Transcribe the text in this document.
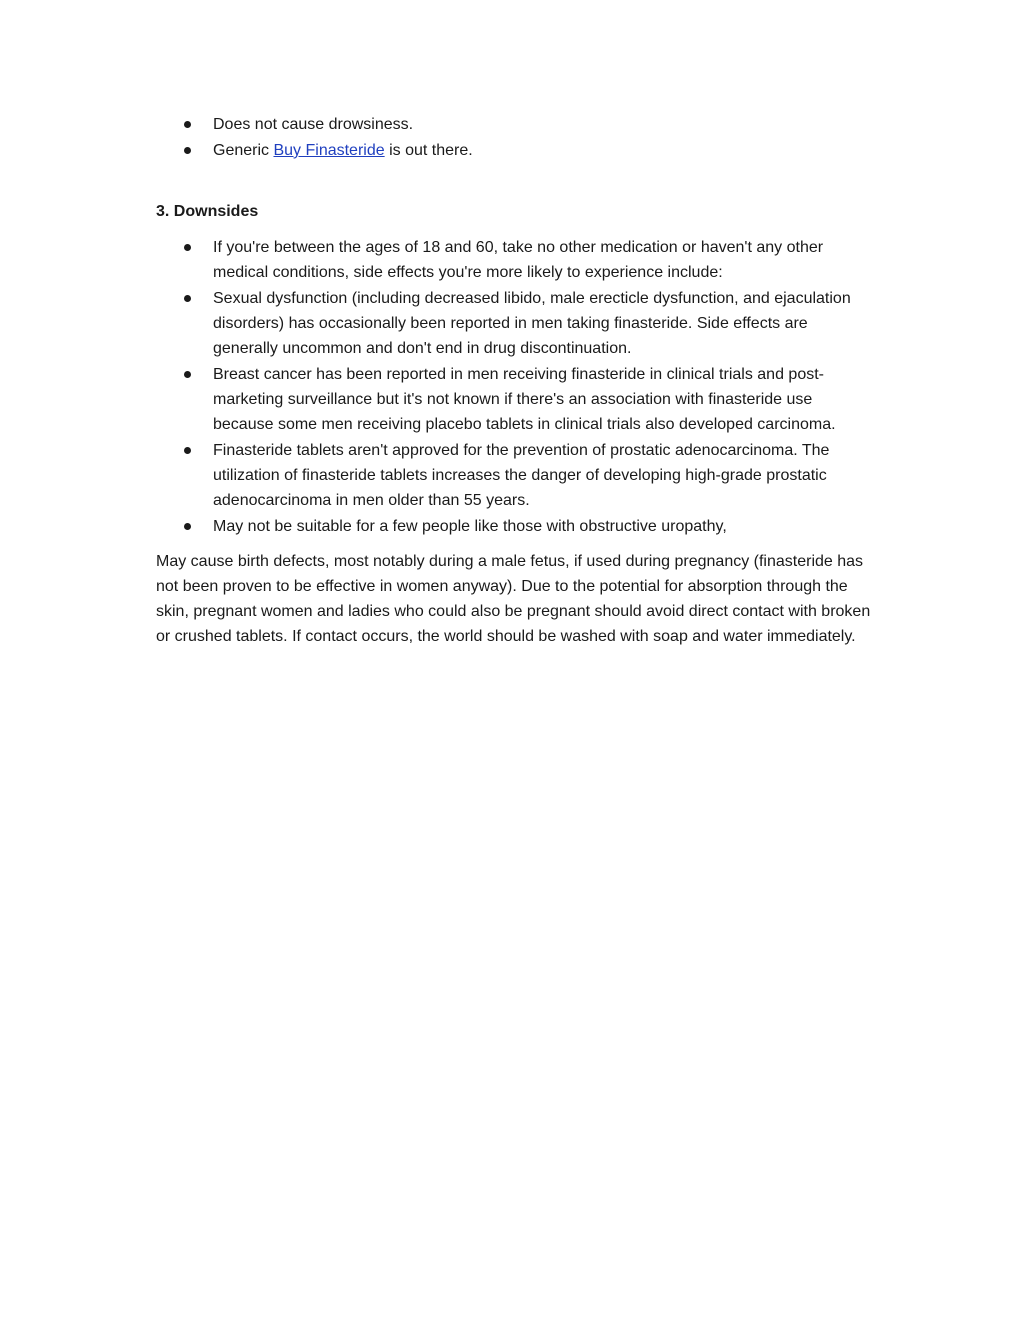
Does not cause drowsiness.
Generic Buy Finasteride is out there.
3. Downsides
If you're between the ages of 18 and 60, take no other medication or haven't any other medical conditions, side effects you're more likely to experience include:
Sexual dysfunction (including decreased libido, male erecticle dysfunction, and ejaculation disorders) has occasionally been reported in men taking finasteride. Side effects are generally uncommon and don't end in drug discontinuation.
Breast cancer has been reported in men receiving finasteride in clinical trials and post-marketing surveillance but it's not known if there's an association with finasteride use because some men receiving placebo tablets in clinical trials also developed carcinoma.
Finasteride tablets aren't approved for the prevention of prostatic adenocarcinoma. The utilization of finasteride tablets increases the danger of developing high-grade prostatic adenocarcinoma in men older than 55 years.
May not be suitable for a few people like those with obstructive uropathy,

May cause birth defects, most notably during a male fetus, if used during pregnancy (finasteride has not been proven to be effective in women anyway). Due to the potential for absorption through the skin, pregnant women and ladies who could also be pregnant should avoid direct contact with broken or crushed tablets. If contact occurs, the world should be washed with soap and water immediately.
